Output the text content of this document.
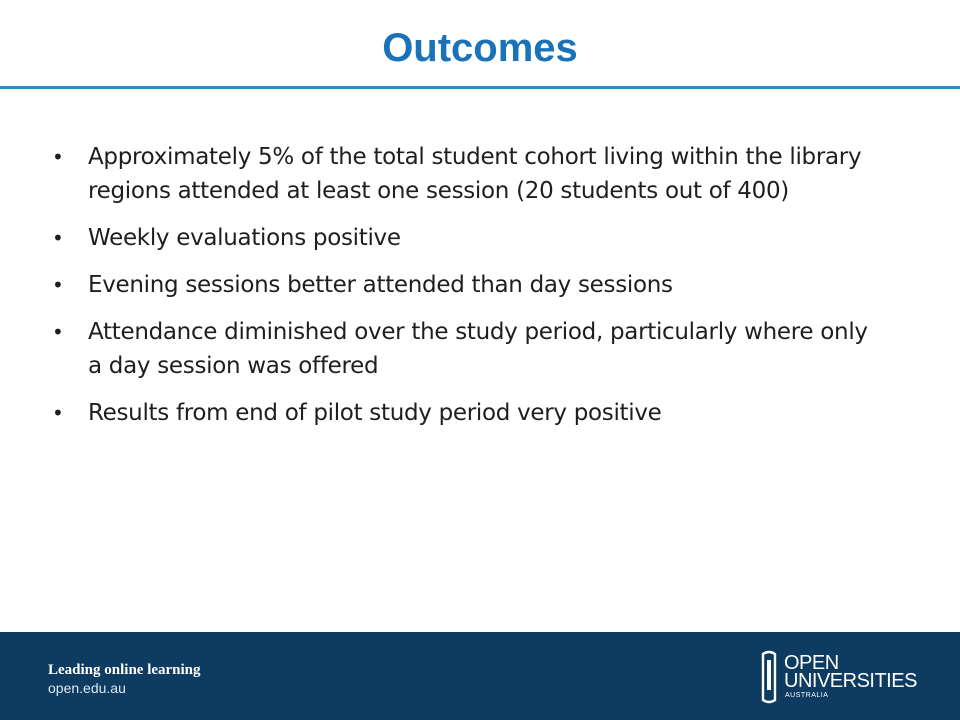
Outcomes
• Approximately 5% of the total student cohort living within the library regions attended at least one session (20 students out of 400)
• Weekly evaluations positive
• Evening sessions better attended than day sessions
• Attendance diminished over the study period, particularly where only a day session was offered
• Results from end of pilot study period very positive
Leading online learning
open.edu.au
OPEN
UNIVERSITIES
AUSTRALIA
